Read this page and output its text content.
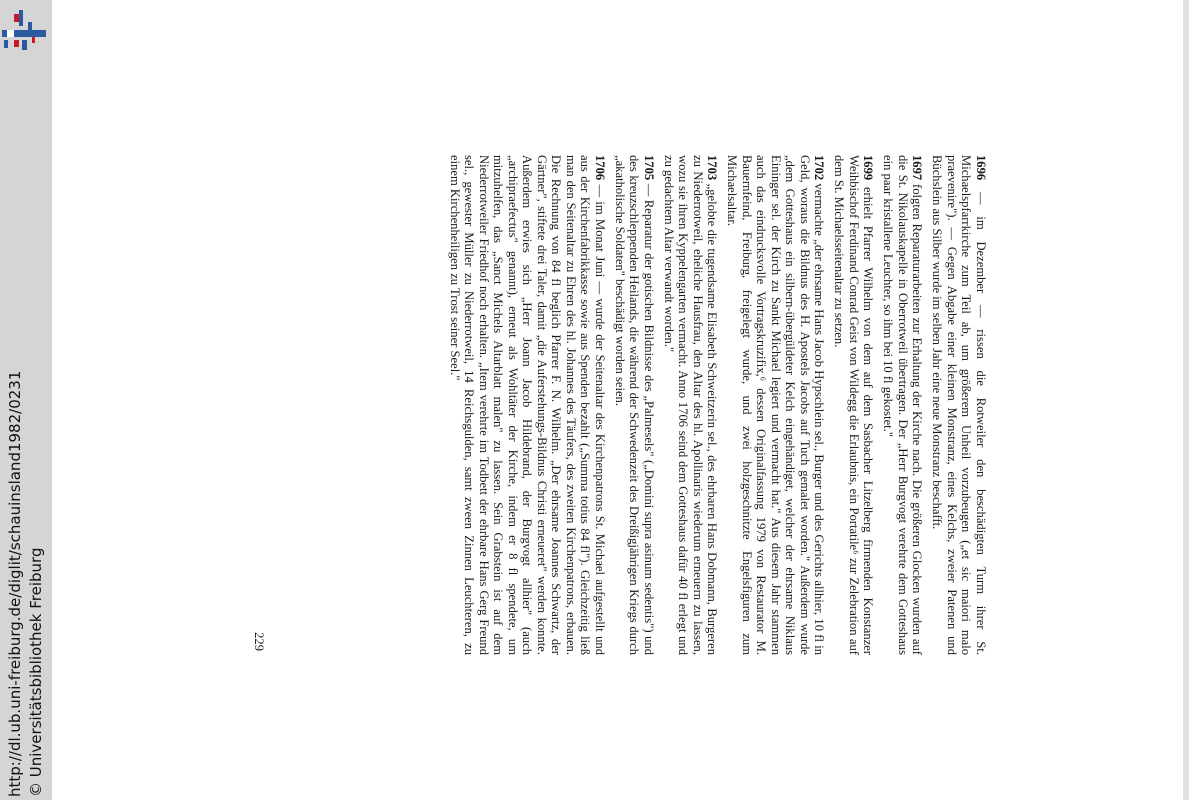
http://dl.ub.uni-freiburg.de/diglit/schauinsland1982/0231 © Universitätsbibliothek Freiburg

1696 — im Dezember — rissen die Rotweiler den beschädigten Turm ihrer St. Michaelspfarrkirche zum Teil ab, um größerem Unheil vorzubeugen („et sic maiori malo praevenire"). — Gegen Abgabe einer kleinen Monstranz, eines Kelchs, zweier Patenen und Büchslein aus Silber wurde im selben Jahr eine neue Monstranz beschafft.

1697 folgten Reparaturarbeiten zur Erhaltung der Kirche nach. Die größeren Glocken wurden auf die St. Nikolauskapelle in Oberrotweil übertragen. Der „Herr Burgvogt verehrte dem Gotteshaus ein paar kristallene Leuchter, so ihm bei 10 fl gekostet."

1699 erhielt Pfarrer Wilhelm von dem auf dem Sasbacher Litzelberg firmenden Konstanzer Weihbischof Ferdinand Conrad Geist von Wildegg die Erlaubnis, ein Portatile⁶ zur Zelebration auf dem St. Michaelsseitenaltar zu setzen.

1702 vermachte „der ehrsame Hans Jacob Hypschlein sel., Burger und des Gerichts allhier, 10 fl in Geld, woraus die Bildnus des H. Apostels Jacobs auf Tuch gemalet worden." Außerdem wurde „dem Gotteshaus ein silbern-übergüldeter Kelch eingehändiget, welcher der ehrsame Niklaus Eininger sel. der Kirch zu Sankt Michael legiert und vermacht hat." Aus diesem Jahr stammen auch das eindrucksvolle Vortragskruzifix,⁶ dessen Originalfassung 1979 von Restaurator M. Bauernfeind, Freiburg, freigelegt wurde, und zwei holzgeschnitzte Engelsfiguren zum Michaelsaltar.

1703 „gelobte die tugendsame Elisabeth Schweitzerin sel., des ehrbaren Hans Dobmann, Burgeren zu Niederrotweil, eheliche Hausfrau, den Altar des hl. Apollinaris wiederum erneuern zu lassen, wozu sie ihren Kyppelengarten vermacht. Anno 1706 seind dem Gotteshaus dafür 40 fl erlegt und zu gedachtem Altar verwandt worden."

1705 — Reparatur der gotischen Bildnisse des „Palmesels" („Domini supra asinum sedentis") und des kreuzschleppenden Heilands, die während der Schwedenzeit des Dreißigjährigen Kriegs durch „akatholische Soldaten" beschädigt worden seien.

1706 — im Monat Juni — wurde der Seitenaltar des Kirchenpatrons St. Michael aufgestellt und aus der Kirchenfabrikkasse sowie aus Spenden bezahlt („Summa totius 84 fl"). Gleichzeitig ließ man den Seitenaltar zu Ehren des hl. Johannes des Täufers, des zweiten Kirchenpatrons, erbauen. Die Rechnung von 84 fl beglich Pfarrer F. N. Wilhelm. „Der ehrsame Joannes Schwartz, der Gärtner", stiftete drei Taler, damit „die Auferstehungs-Bildnus Christi erneueret" werden konnte. Außerdem erwies sich „Herr Joann Jacob Hildebrand, der Burgvogt allhier" (auch „archipraefectus" genannt), erneut als Wohltäter der Kirche, indem er 8 fl spendete, um mitzuhelfen, das „Sanct Michels Altarblatt malen" zu lassen. Sein Grabstein ist auf dem Niederrotweiler Friedhof noch erhalten. „Item verehrte im Todbett der ehrbare Hans Gerg Freund sel., gewester Müller zu Niederrotweil, 14 Reichsgulden, samt zween Zinnen Leuchteren, zu einem Kirchenheiligen zu Trost seiner Seel."

229
